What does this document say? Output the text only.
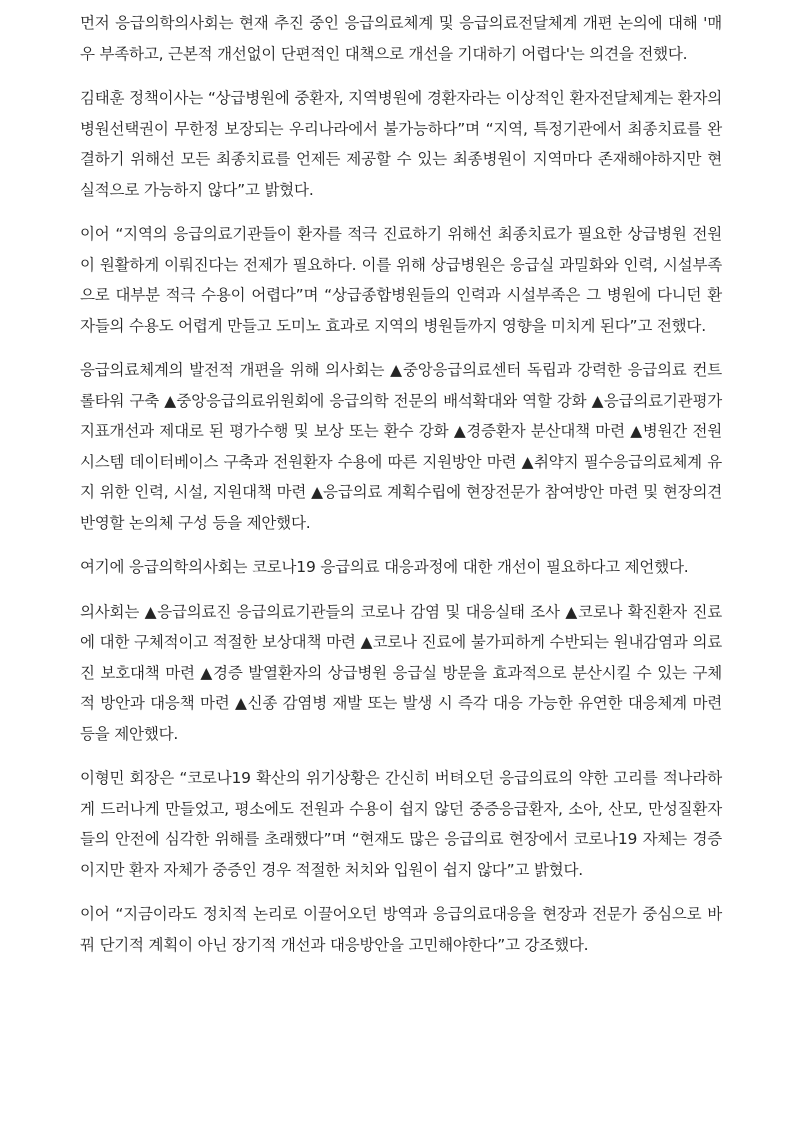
먼저 응급의학의사회는 현재 추진 중인 응급의료체계 및 응급의료전달체계 개편 논의에 대해 '매우 부족하고, 근본적 개선없이 단편적인 대책으로 개선을 기대하기 어렵다'는 의견을 전했다.

김태훈 정책이사는 “상급병원에 중환자, 지역병원에 경환자라는 이상적인 환자전달체계는 환자의 병원선택권이 무한정 보장되는 우리나라에서 불가능하다”며 “지역, 특정기관에서 최종치료를 완결하기 위해선 모든 최종치료를 언제든 제공할 수 있는 최종병원이 지역마다 존재해야하지만 현실적으로 가능하지 않다”고 밝혔다.

이어 “지역의 응급의료기관들이 환자를 적극 진료하기 위해선 최종치료가 필요한 상급병원 전원이 원활하게 이뤄진다는 전제가 필요하다. 이를 위해 상급병원은 응급실 과밀화와 인력, 시설부족으로 대부분 적극 수용이 어렵다”며 “상급종합병원들의 인력과 시설부족은 그 병원에 다니던 환자들의 수용도 어렵게 만들고 도미노 효과로 지역의 병원들까지 영향을 미치게 된다”고 전했다.

응급의료체계의 발전적 개편을 위해 의사회는 ▲중앙응급의료센터 독립과 강력한 응급의료 컨트롤타워 구축 ▲중앙응급의료위원회에 응급의학 전문의 배석확대와 역할 강화 ▲응급의료기관평가 지표개선과 제대로 된 평가수행 및 보상 또는 환수 강화 ▲경증환자 분산대책 마련 ▲병원간 전원시스템 데이터베이스 구축과 전원환자 수용에 따른 지원방안 마련 ▲취약지 필수응급의료체계 유지 위한 인력, 시설, 지원대책 마련 ▲응급의료 계획수립에 현장전문가 참여방안 마련 및 현장의견 반영할 논의체 구성 등을 제안했다.

여기에 응급의학의사회는 코로나19 응급의료 대응과정에 대한 개선이 필요하다고 제언했다.

의사회는 ▲응급의료진 응급의료기관들의 코로나 감염 및 대응실태 조사 ▲코로나 확진환자 진료에 대한 구체적이고 적절한 보상대책 마련 ▲코로나 진료에 불가피하게 수반되는 원내감염과 의료진 보호대책 마련 ▲경증 발열환자의 상급병원 응급실 방문을 효과적으로 분산시킬 수 있는 구체적 방안과 대응책 마련 ▲신종 감염병 재발 또는 발생 시 즉각 대응 가능한 유연한 대응체계 마련 등을 제안했다.

이형민 회장은 “코로나19 확산의 위기상황은 간신히 버텨오던 응급의료의 약한 고리를 적나라하게 드러나게 만들었고, 평소에도 전원과 수용이 쉽지 않던 중증응급환자, 소아, 산모, 만성질환자들의 안전에 심각한 위해를 초래했다”며 “현재도 많은 응급의료 현장에서 코로나19 자체는 경증이지만 환자 자체가 중증인 경우 적절한 처치와 입원이 쉽지 않다”고 밝혔다.

이어 “지금이라도 정치적 논리로 이끌어오던 방역과 응급의료대응을 현장과 전문가 중심으로 바꿔 단기적 계획이 아닌 장기적 개선과 대응방안을 고민해야한다”고 강조했다.
